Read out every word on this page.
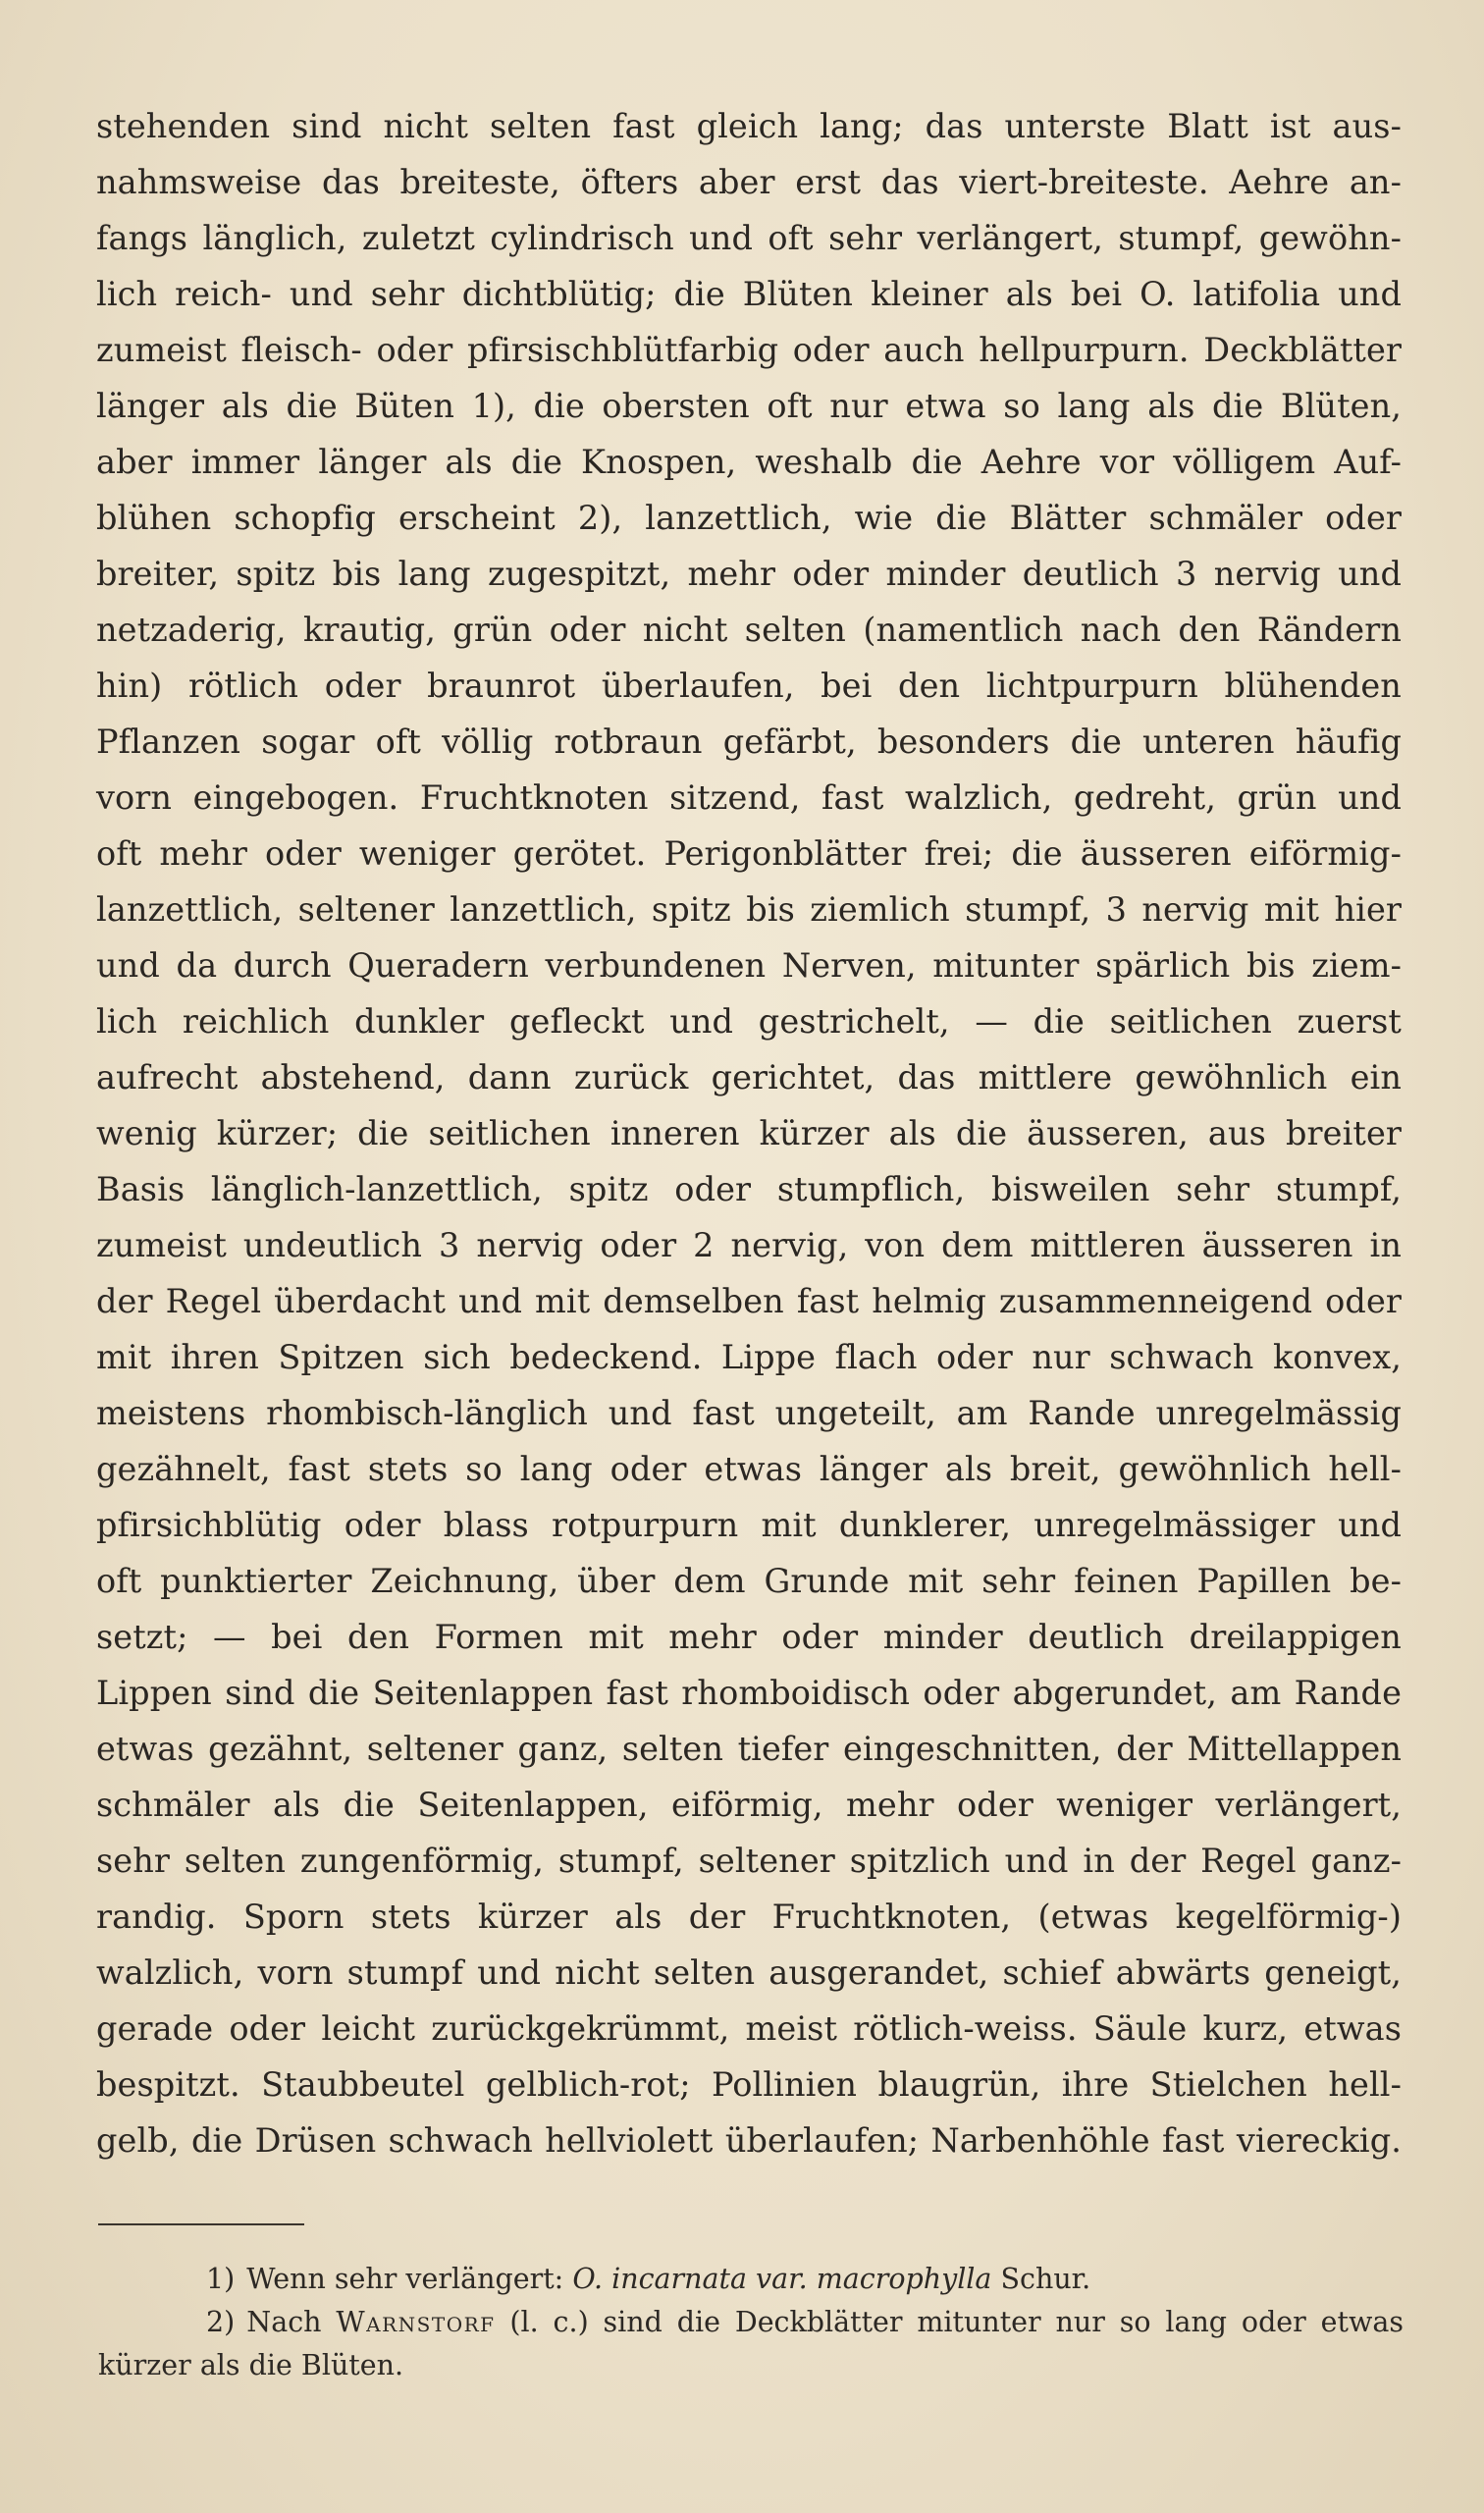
stehenden sind nicht selten fast gleich lang; das unterste Blatt ist aus-
nahmsweise das breiteste, öfters aber erst das viert-breiteste. Aehre an-
fangs länglich, zuletzt cylindrisch und oft sehr verlängert, stumpf, gewöhn-
lich reich- und sehr dichtblütig; die Blüten kleiner als bei O. latifolia und
zumeist fleisch- oder pfirsischblütfarbig oder auch hellpurpurn. Deckblätter
länger als die Büten 1), die obersten oft nur etwa so lang als die Blüten,
aber immer länger als die Knospen, weshalb die Aehre vor völligem Auf-
blühen schopfig erscheint 2), lanzettlich, wie die Blätter schmäler oder
breiter, spitz bis lang zugespitzt, mehr oder minder deutlich 3 nervig und
netzaderig, krautig, grün oder nicht selten (namentlich nach den Rändern
hin) rötlich oder braunrot überlaufen, bei den lichtpurpurn blühenden
Pflanzen sogar oft völlig rotbraun gefärbt, besonders die unteren häufig
vorn eingebogen. Fruchtknoten sitzend, fast walzlich, gedreht, grün und
oft mehr oder weniger gerötet. Perigonblätter frei; die äusseren eiförmig-
lanzettlich, seltener lanzettlich, spitz bis ziemlich stumpf, 3 nervig mit hier
und da durch Queradern verbundenen Nerven, mitunter spärlich bis ziem-
lich reichlich dunkler gefleckt und gestrichelt, — die seitlichen zuerst
aufrecht abstehend, dann zurück gerichtet, das mittlere gewöhnlich ein
wenig kürzer; die seitlichen inneren kürzer als die äusseren, aus breiter
Basis länglich-lanzettlich, spitz oder stumpflich, bisweilen sehr stumpf,
zumeist undeutlich 3 nervig oder 2 nervig, von dem mittleren äusseren in
der Regel überdacht und mit demselben fast helmig zusammenneigend oder
mit ihren Spitzen sich bedeckend. Lippe flach oder nur schwach konvex,
meistens rhombisch-länglich und fast ungeteilt, am Rande unregelmässig
gezähnelt, fast stets so lang oder etwas länger als breit, gewöhnlich hell-
pfirsichblütig oder blass rotpurpurn mit dunklerer, unregelmässiger und
oft punktierter Zeichnung, über dem Grunde mit sehr feinen Papillen be-
setzt; — bei den Formen mit mehr oder minder deutlich dreilappigen
Lippen sind die Seitenlappen fast rhomboidisch oder abgerundet, am Rande
etwas gezähnt, seltener ganz, selten tiefer eingeschnitten, der Mittellappen
schmäler als die Seitenlappen, eiförmig, mehr oder weniger verlängert,
sehr selten zungenförmig, stumpf, seltener spitzlich und in der Regel ganz-
randig. Sporn stets kürzer als der Fruchtknoten, (etwas kegelförmig-)
walzlich, vorn stumpf und nicht selten ausgerandet, schief abwärts geneigt,
gerade oder leicht zurückgekrümmt, meist rötlich-weiss. Säule kurz, etwas
bespitzt. Staubbeutel gelblich-rot; Pollinien blaugrün, ihre Stielchen hell-
gelb, die Drüsen schwach hellviolett überlaufen; Narbenhöhle fast viereckig.
1) Wenn sehr verlängert: O. incarnata var. macrophylla Schur.
2) Nach Warnstorf (l. c.) sind die Deckblätter mitunter nur so lang oder etwas
kürzer als die Blüten.
